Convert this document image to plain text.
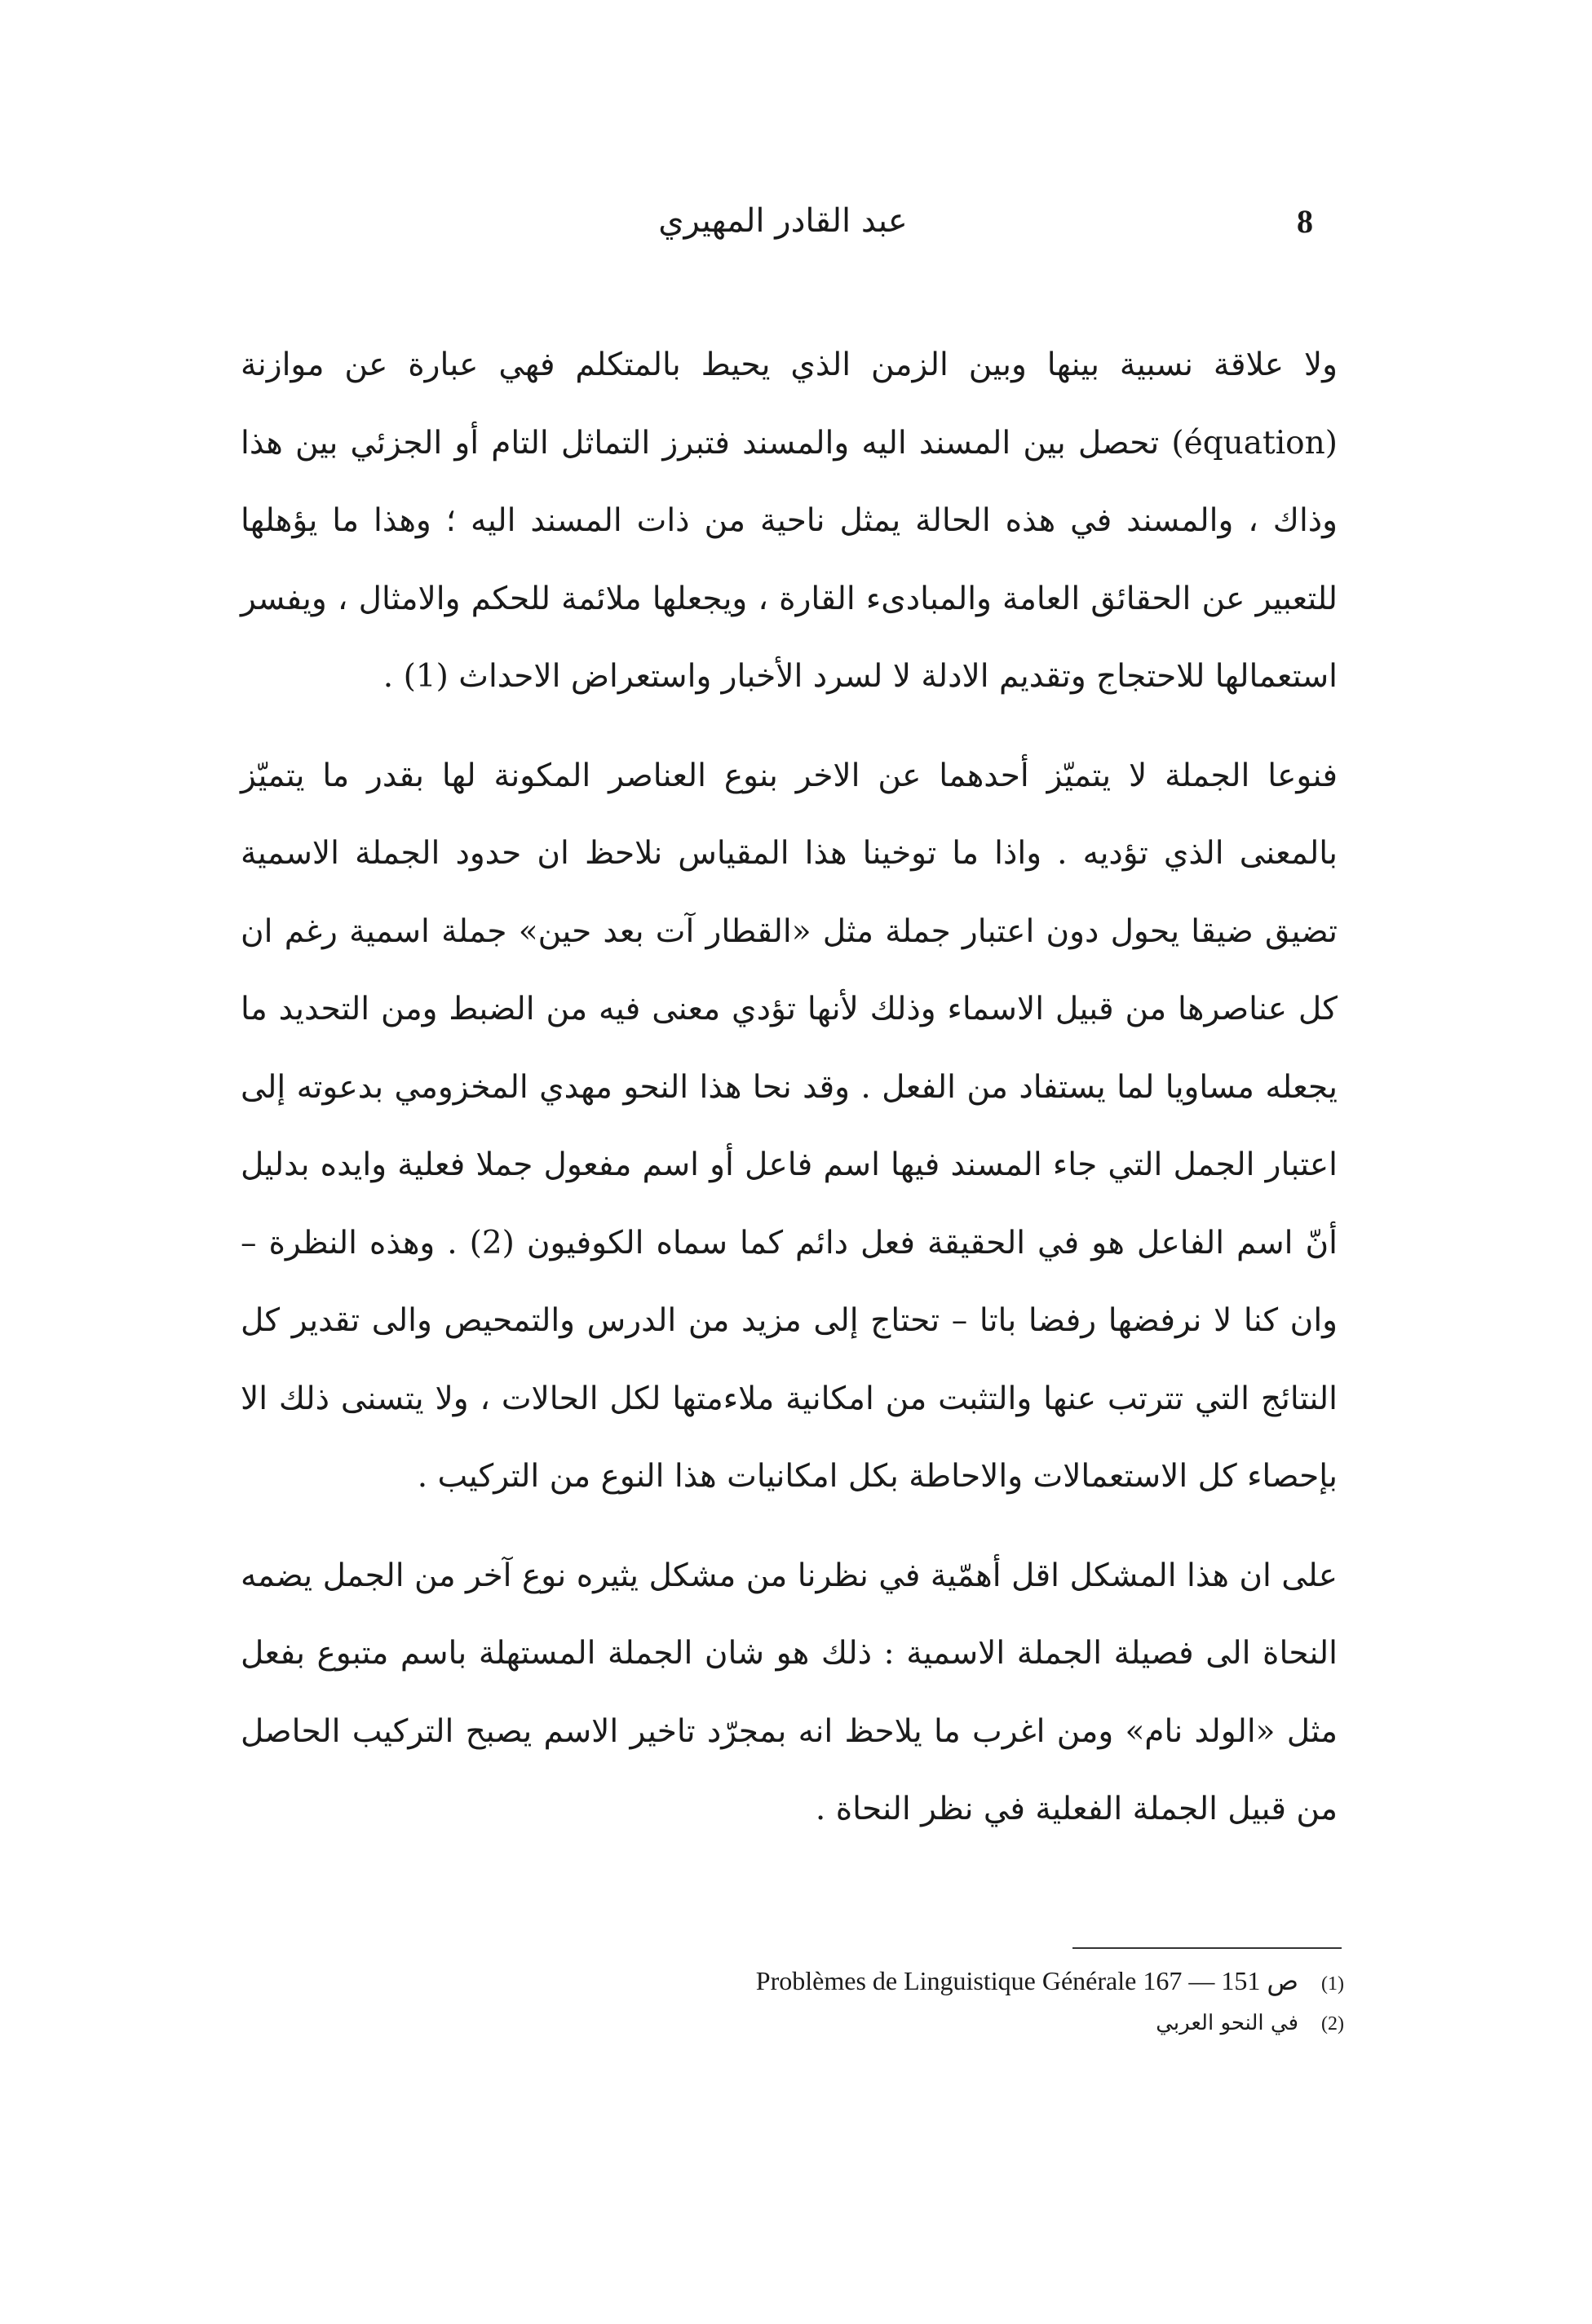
8
عبد القادر المهيري

ولا علاقة نسبية بينها وبين الزمن الذي يحيط بالمتكلم فهي عبارة عن موازنة (équation) تحصل بين المسند اليه والمسند فتبرز التماثل التام أو الجزئي بين هذا وذاك ، والمسند في هذه الحالة يمثل ناحية من ذات المسند اليه ؛ وهذا ما يؤهلها للتعبير عن الحقائق العامة والمبادىء القارة ، ويجعلها ملائمة للحكم والامثال ، ويفسر استعمالها للاحتجاج وتقديم الادلة لا لسرد الأخبار واستعراض الاحداث (1) .

فنوعا الجملة لا يتميّز أحدهما عن الاخر بنوع العناصر المكونة لها بقدر ما يتميّز بالمعنى الذي تؤديه . واذا ما توخينا هذا المقياس نلاحظ ان حدود الجملة الاسمية تضيق ضيقا يحول دون اعتبار جملة مثل «القطار آت بعد حين» جملة اسمية رغم ان كل عناصرها من قبيل الاسماء وذلك لأنها تؤدي معنى فيه من الضبط ومن التحديد ما يجعله مساويا لما يستفاد من الفعل . وقد نحا هذا النحو مهدي المخزومي بدعوته إلى اعتبار الجمل التي جاء المسند فيها اسم فاعل أو اسم مفعول جملا فعلية وايده بدليل أنّ اسم الفاعل هو في الحقيقة فعل دائم كما سماه الكوفيون (2) . وهذه النظرة – وان كنا لا نرفضها رفضا باتا – تحتاج إلى مزيد من الدرس والتمحيص والى تقدير كل النتائج التي تترتب عنها والتثبت من امكانية ملاءمتها لكل الحالات ، ولا يتسنى ذلك الا بإحصاء كل الاستعمالات والاحاطة بكل امكانيات هذا النوع من التركيب .

على ان هذا المشكل اقل أهمّية في نظرنا من مشكل يثيره نوع آخر من الجمل يضمه النحاة الى فصيلة الجملة الاسمية : ذلك هو شان الجملة المستهلة باسم متبوع بفعل مثل «الولد نام» ومن اغرب ما يلاحظ انه بمجرّد تاخير الاسم يصبح التركيب الحاصل من قبيل الجملة الفعلية في نظر النحاة .

(1)
Problèmes de Linguistique Générale ص 151 — 167
(2)
في النحو العربي
